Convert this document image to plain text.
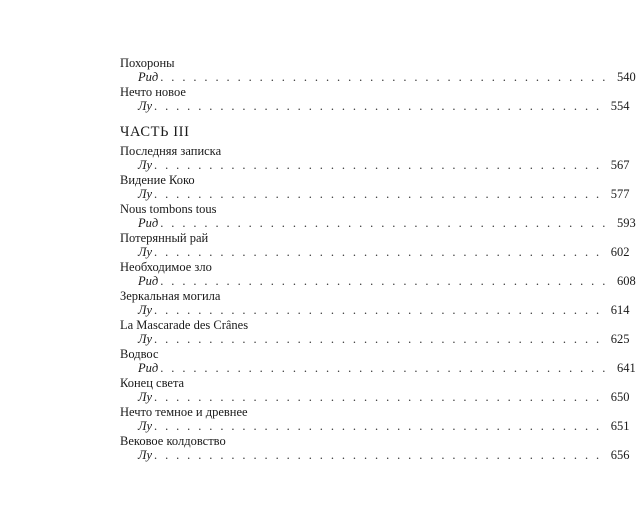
Похороны
Рид . . . . . . . . . . . . . . . . . . . . . . . . . . . . . . . . . . . . . . . . . 540
Нечто новое
Лу . . . . . . . . . . . . . . . . . . . . . . . . . . . . . . . . . . . . . . . . . 554
ЧАСТЬ III
Последняя записка
Лу . . . . . . . . . . . . . . . . . . . . . . . . . . . . . . . . . . . . . . . . . 567
Видение Коко
Лу . . . . . . . . . . . . . . . . . . . . . . . . . . . . . . . . . . . . . . . . . 577
Nous tombons tous
Рид . . . . . . . . . . . . . . . . . . . . . . . . . . . . . . . . . . . . . . . . . 593
Потерянный рай
Лу . . . . . . . . . . . . . . . . . . . . . . . . . . . . . . . . . . . . . . . . . 602
Необходимое зло
Рид . . . . . . . . . . . . . . . . . . . . . . . . . . . . . . . . . . . . . . . . . 608
Зеркальная могила
Лу . . . . . . . . . . . . . . . . . . . . . . . . . . . . . . . . . . . . . . . . . 614
La Mascarade des Crânes
Лу . . . . . . . . . . . . . . . . . . . . . . . . . . . . . . . . . . . . . . . . . 625
Водвос
Рид . . . . . . . . . . . . . . . . . . . . . . . . . . . . . . . . . . . . . . . . . 641
Конец света
Лу . . . . . . . . . . . . . . . . . . . . . . . . . . . . . . . . . . . . . . . . . 650
Нечто темное и древнее
Лу . . . . . . . . . . . . . . . . . . . . . . . . . . . . . . . . . . . . . . . . . 651
Вековое колдовство
Лу . . . . . . . . . . . . . . . . . . . . . . . . . . . . . . . . . . . . . . . . . 656
